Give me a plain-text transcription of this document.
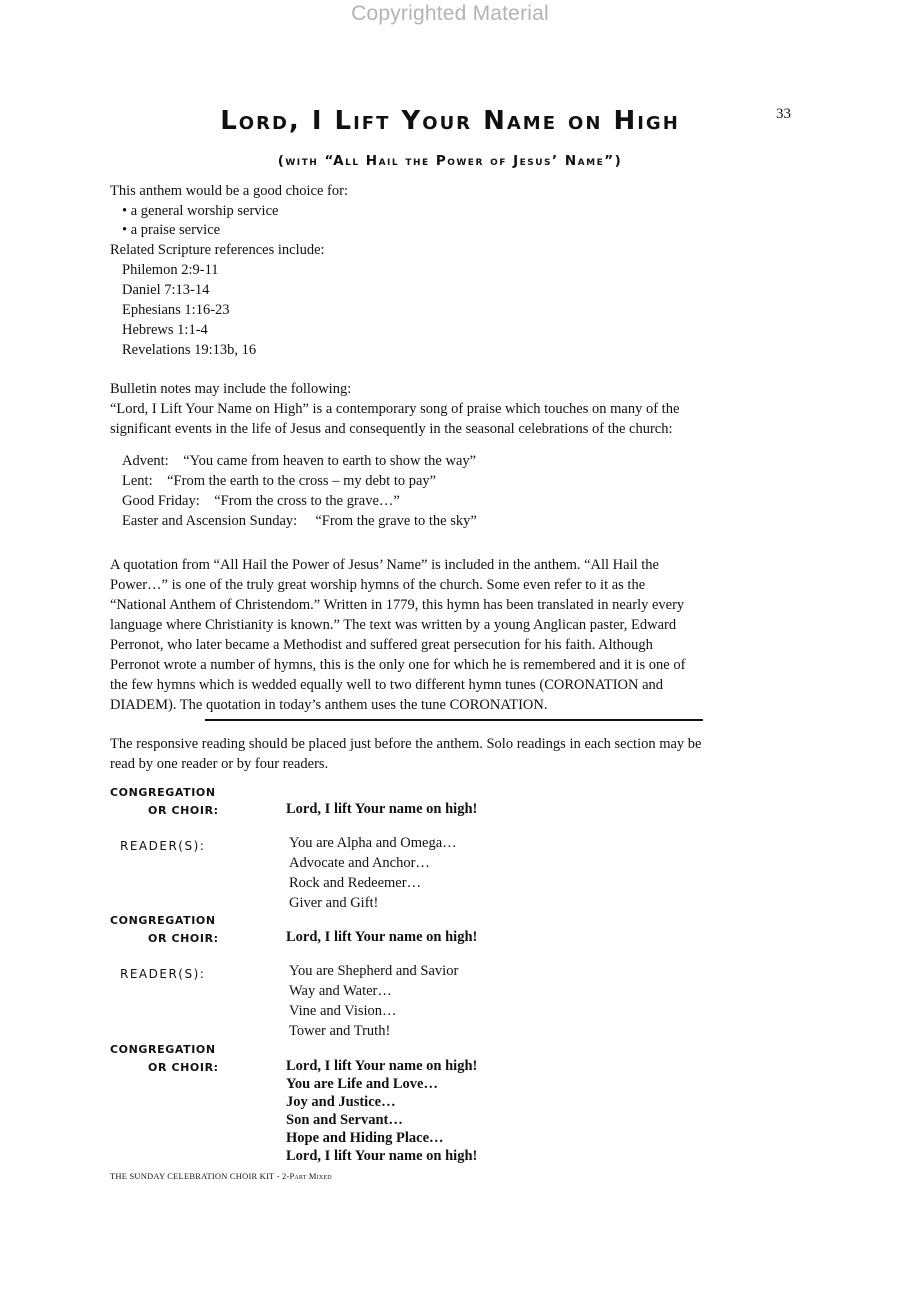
Copyrighted Material
33
Lord, I Lift Your Name on High
(with “All Hail the Power of Jesus’ Name”)
This anthem would be a good choice for:
• a general worship service
• a praise service
Related Scripture references include:
Philemon 2:9-11
Daniel 7:13-14
Ephesians 1:16-23
Hebrews 1:1-4
Revelations 19:13b, 16
Bulletin notes may include the following:
“Lord, I Lift Your Name on High” is a contemporary song of praise which touches on many of the
significant events in the life of Jesus and consequently in the seasonal celebrations of the church:
Advent: “You came from heaven to earth to show the way”
Lent: “From the earth to the cross – my debt to pay”
Good Friday: “From the cross to the grave…”
Easter and Ascension Sunday: “From the grave to the sky”
A quotation from “All Hail the Power of Jesus’ Name” is included in the anthem. “All Hail the
Power…” is one of the truly great worship hymns of the church. Some even refer to it as the
“National Anthem of Christendom.” Written in 1779, this hymn has been translated in nearly every
language where Christianity is known.” The text was written by a young Anglican paster, Edward
Perronot, who later became a Methodist and suffered great persecution for his faith. Although
Perronot wrote a number of hymns, this is the only one for which he is remembered and it is one of
the few hymns which is wedded equally well to two different hymn tunes (CORONATION and
DIADEM). The quotation in today’s anthem uses the tune CORONATION.
The responsive reading should be placed just before the anthem. Solo readings in each section may be
read by one reader or by four readers.
CONGREGATION
OR CHOIR:	Lord, I lift Your name on high!
READER(S):	You are Alpha and Omega…
Advocate and Anchor…
Rock and Redeemer…
Giver and Gift!
CONGREGATION
OR CHOIR:	Lord, I lift Your name on high!
READER(S):	You are Shepherd and Savior
Way and Water…
Vine and Vision…
Tower and Truth!
CONGREGATION
OR CHOIR:	Lord, I lift Your name on high!
You are Life and Love…
Joy and Justice…
Son and Servant…
Hope and Hiding Place…
Lord, I lift Your name on high!
THE SUNDAY CELEBRATION CHOIR KIT - 2-Part Mixed
